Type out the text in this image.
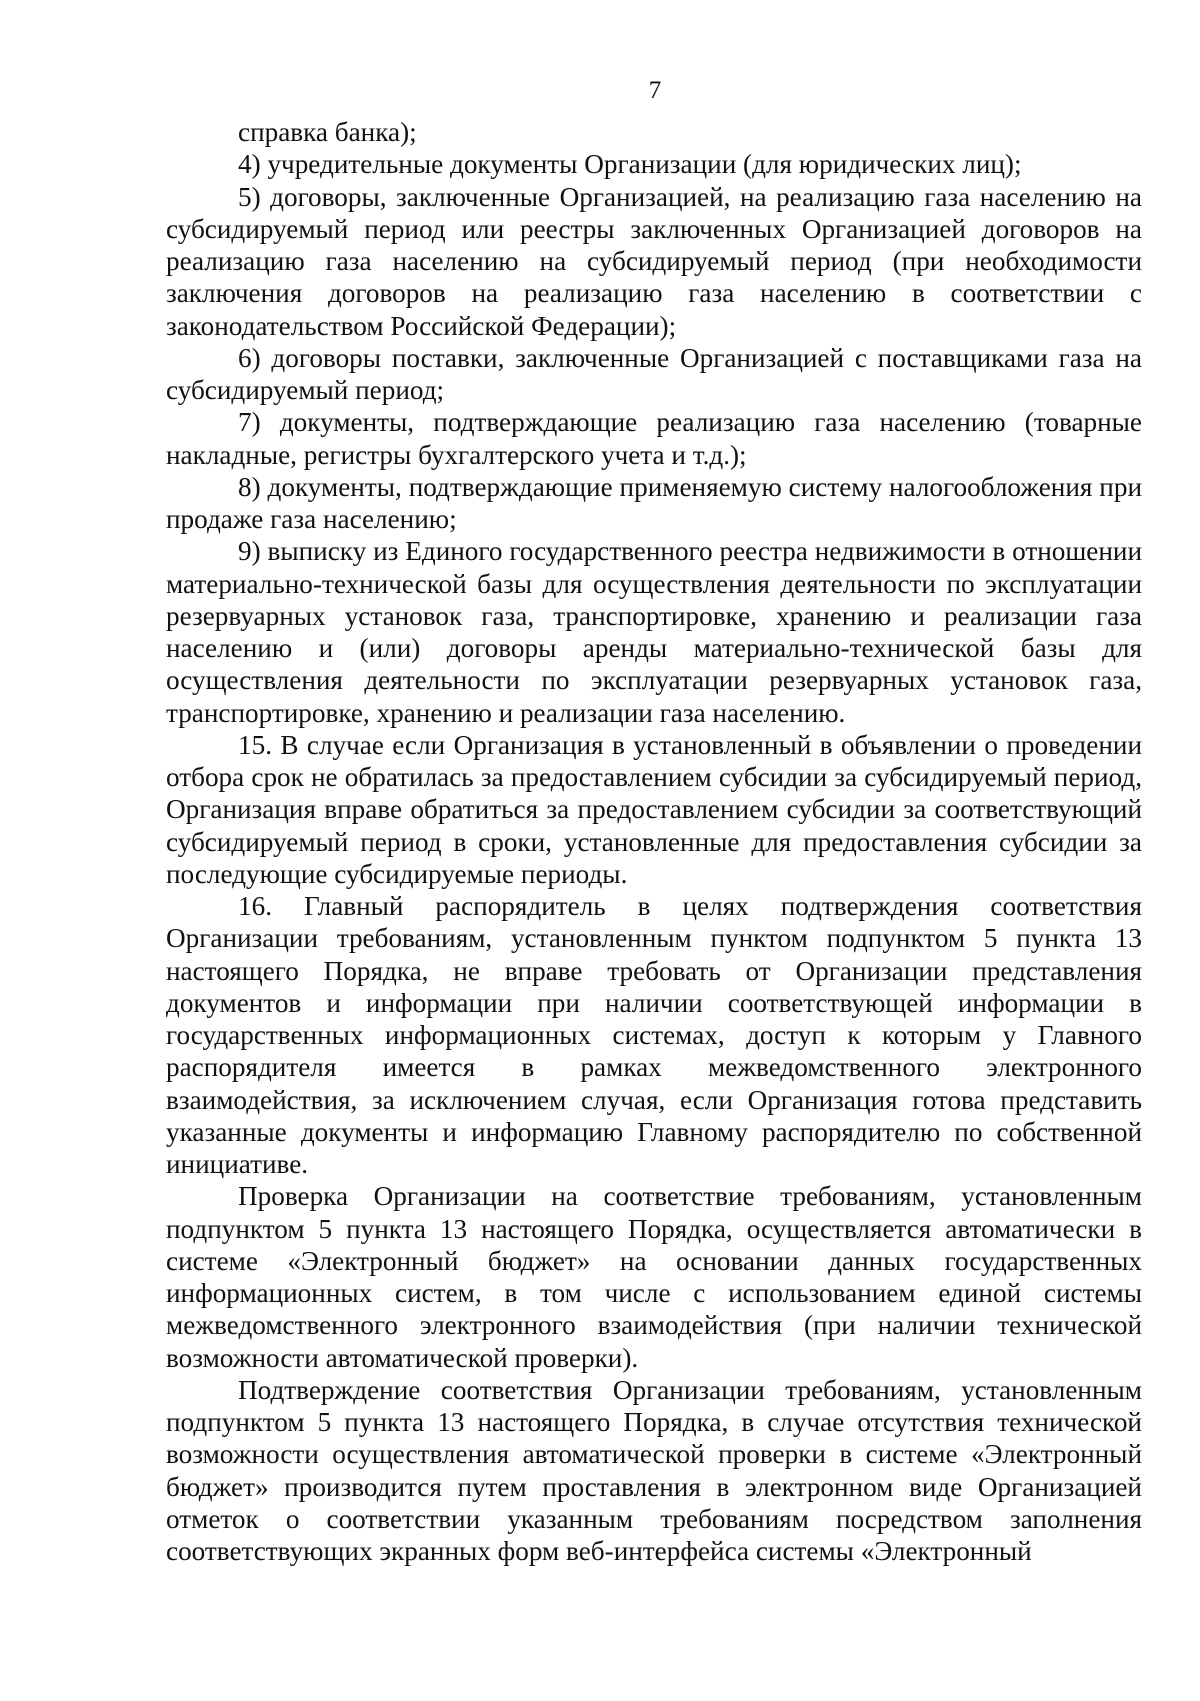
7

справка банка);

4) учредительные документы Организации (для юридических лиц);

5) договоры, заключенные Организацией, на реализацию газа населению на субсидируемый период или реестры заключенных Организацией договоров на реализацию газа населению на субсидируемый период (при необходимости заключения договоров на реализацию газа населению в соответствии с законодательством Российской Федерации);

6) договоры поставки, заключенные Организацией с поставщиками газа на субсидируемый период;

7) документы, подтверждающие реализацию газа населению (товарные накладные, регистры бухгалтерского учета и т.д.);

8) документы, подтверждающие применяемую систему налогообложения при продаже газа населению;

9) выписку из Единого государственного реестра недвижимости в отношении материально-технической базы для осуществления деятельности по эксплуатации резервуарных установок газа, транспортировке, хранению и реализации газа населению и (или) договоры аренды материально-технической базы для осуществления деятельности по эксплуатации резервуарных установок газа, транспортировке, хранению и реализации газа населению.

15. В случае если Организация в установленный в объявлении о проведении отбора срок не обратилась за предоставлением субсидии за субсидируемый период, Организация вправе обратиться за предоставлением субсидии за соответствующий субсидируемый период в сроки, установленные для предоставления субсидии за последующие субсидируемые периоды.

16. Главный распорядитель в целях подтверждения соответствия Организации требованиям, установленным пунктом подпунктом 5 пункта 13 настоящего Порядка, не вправе требовать от Организации представления документов и информации при наличии соответствующей информации в государственных информационных системах, доступ к которым у Главного распорядителя имеется в рамках межведомственного электронного взаимодействия, за исключением случая, если Организация готова представить указанные документы и информацию Главному распорядителю по собственной инициативе.

Проверка Организации на соответствие требованиям, установленным подпунктом 5 пункта 13 настоящего Порядка, осуществляется автоматически в системе «Электронный бюджет» на основании данных государственных информационных систем, в том числе с использованием единой системы межведомственного электронного взаимодействия (при наличии технической возможности автоматической проверки).

Подтверждение соответствия Организации требованиям, установленным подпунктом 5 пункта 13 настоящего Порядка, в случае отсутствия технической возможности осуществления автоматической проверки в системе «Электронный бюджет» производится путем проставления в электронном виде Организацией отметок о соответствии указанным требованиям посредством заполнения соответствующих экранных форм веб-интерфейса системы «Электронный
